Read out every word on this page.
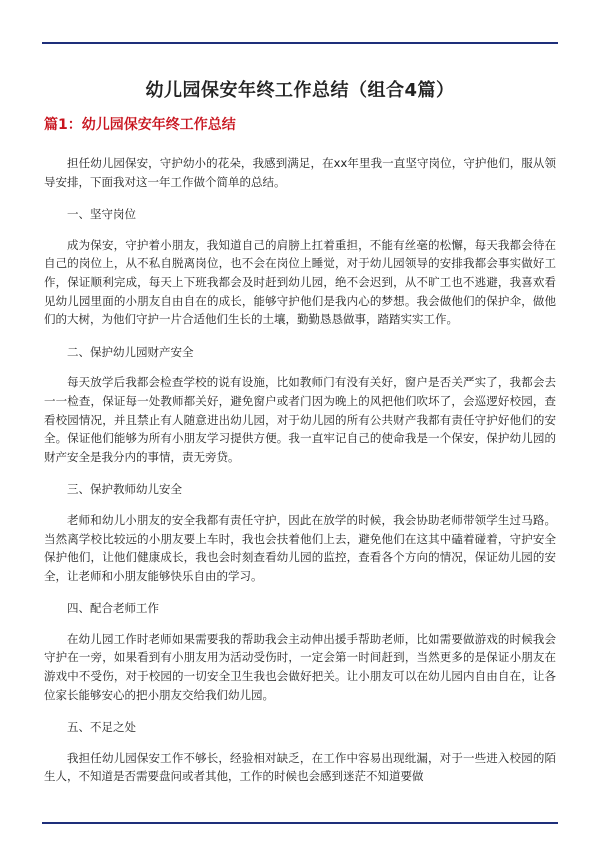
幼儿园保安年终工作总结（组合4篇）
篇1：幼儿园保安年终工作总结

担任幼儿园保安，守护幼小的花朵，我感到满足，在xx年里我一直坚守岗位，守护他们，服从领导安排，下面我对这一年工作做个简单的总结。

一、坚守岗位

成为保安，守护着小朋友，我知道自己的肩膀上扛着重担，不能有丝毫的松懈，每天我都会待在自己的岗位上，从不私自脱离岗位，也不会在岗位上睡觉，对于幼儿园领导的安排我都会事实做好工作，保证顺利完成，每天上下班我都会及时赶到幼儿园，绝不会迟到，从不旷工也不逃避，我喜欢看见幼儿园里面的小朋友自由自在的成长，能够守护他们是我内心的梦想。我会做他们的保护伞，做他们的大树，为他们守护一片合适他们生长的土壤，勤勤恳恳做事，踏踏实实工作。

二、保护幼儿园财产安全

每天放学后我都会检查学校的说有设施，比如教师门有没有关好，窗户是否关严实了，我都会去一一检查，保证每一处教师都关好，避免窗户或者门因为晚上的风把他们吹坏了，会巡逻好校园，查看校园情况，并且禁止有人随意进出幼儿园，对于幼儿园的所有公共财产我都有责任守护好他们的安全。保证他们能够为所有小朋友学习提供方便。我一直牢记自己的使命我是一个保安，保护幼儿园的财产安全是我分内的事情，责无旁贷。

三、保护教师幼儿安全

老师和幼儿小朋友的安全我都有责任守护，因此在放学的时候，我会协助老师带领学生过马路。当然离学校比较远的小朋友要上车时，我也会扶着他们上去，避免他们在这其中磕着碰着，守护安全保护他们，让他们健康成长，我也会时刻查看幼儿园的监控，查看各个方向的情况，保证幼儿园的安全，让老师和小朋友能够快乐自由的学习。

四、配合老师工作

在幼儿园工作时老师如果需要我的帮助我会主动伸出援手帮助老师，比如需要做游戏的时候我会守护在一旁，如果看到有小朋友用为活动受伤时，一定会第一时间赶到，当然更多的是保证小朋友在游戏中不受伤，对于校园的一切安全卫生我也会做好把关。让小朋友可以在幼儿园内自由自在，让各位家长能够安心的把小朋友交给我们幼儿园。

五、不足之处

我担任幼儿园保安工作不够长，经验相对缺乏，在工作中容易出现纰漏，对于一些进入校园的陌生人，不知道是否需要盘问或者其他，工作的时候也会感到迷茫不知道要做
